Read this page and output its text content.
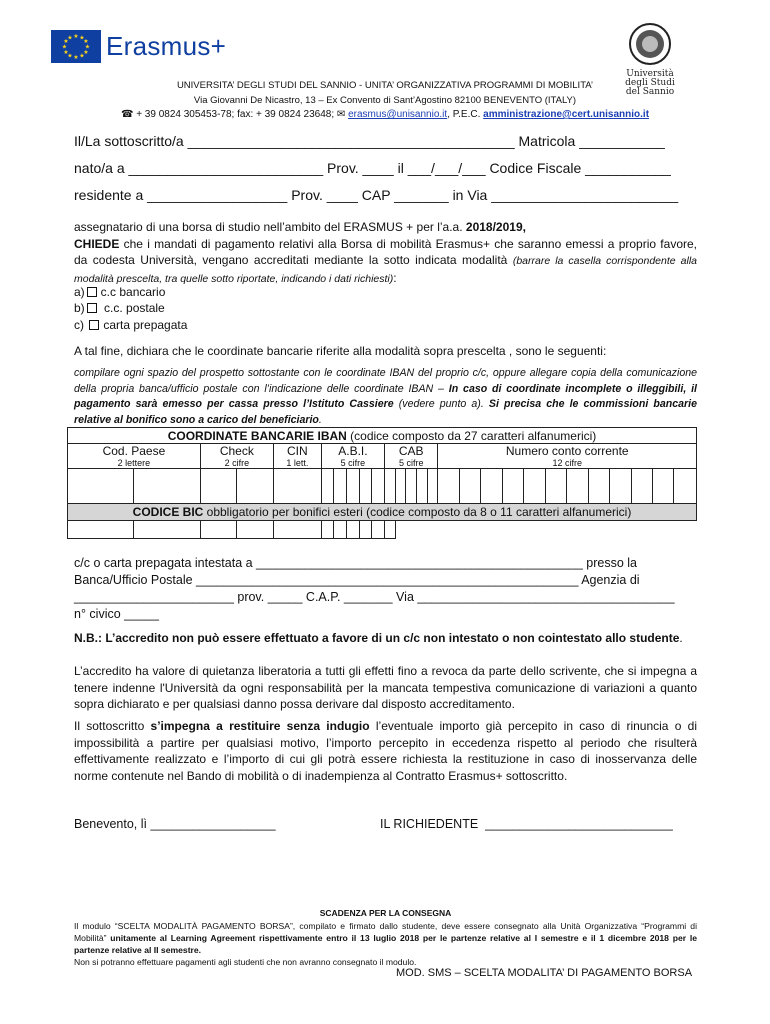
★ ★
★
★
★
★
★
★
★
★
★
★ Erasmus+
Università
degli Studi
del Sannio
UNIVERSITA’ DEGLI STUDI DEL SANNIO - UNITA’ ORGANIZZATIVA PROGRAMMI DI MOBILITA’
Via Giovanni De Nicastro, 13 – Ex Convento di Sant’Agostino 82100 BENEVENTO (ITALY)
☎ + 39 0824 305453-78; fax: + 39 0824 23648; ✉ erasmus@unisannio.it, P.E.C. amministrazione@cert.unisannio.it
Il/La sottoscritto/a __________________________________________ Matricola ___________
nato/a a _________________________ Prov. ____ il ___/___/___ Codice Fiscale ___________
residente a __________________ Prov. ____ CAP _______ in Via ________________________
assegnatario di una borsa di studio nell’ambito del ERASMUS + per l’a.a. 2018/2019,
CHIEDE che i mandati di pagamento relativi alla Borsa di mobilità Erasmus+ che saranno emessi a proprio favore, da codesta Università, vengano accreditati mediante la sotto indicata modalità (barrare la casella corrispondente alla modalità prescelta, tra quelle sotto riportate, indicando i dati richiesti):
a) c.c bancario
b) c.c. postale
c) carta prepagata
A tal fine, dichiara che le coordinate bancarie riferite alla modalità sopra prescelta , sono le seguenti:
compilare ogni spazio del prospetto sottostante con le coordinate IBAN del proprio c/c, oppure allegare copia della comunicazione della propria banca/ufficio postale con l’indicazione delle coordinate IBAN – In caso di coordinate incomplete o illeggibili, il pagamento sarà emesso per cassa presso l’Istituto Cassiere (vedere punto a). Si precisa che le commissioni bancarie relative al bonifico sono a carico del beneficiario.
COORDINATE BANCARIE IBAN (codice composto da 27 caratteri alfanumerici)																										
Cod. Paese		Check		CIN	A.B.I.					CAB					Numero conto corrente											
2 lettere		2 cifre		1 lett.	5 cifre					5 cifre					12 cifre											

CODICE BIC obbligatorio per bonifici esteri (codice composto da 8 o 11 caratteri alfanumerici)																										

c/c o carta prepagata intestata a _______________________________________________ presso la
Banca/Ufficio Postale _______________________________________________________ Agenzia di
_______________________ prov. _____ C.A.P. _______ Via _____________________________________
n° civico _____
N.B.: L’accredito non può essere effettuato a favore di un c/c non intestato o non cointestato allo studente.
L’accredito ha valore di quietanza liberatoria a tutti gli effetti fino a revoca da parte dello scrivente, che si impegna a tenere indenne l'Università da ogni responsabilità per la mancata tempestiva comunicazione di variazioni a quanto sopra dichiarato e per qualsiasi danno possa derivare dal disposto accreditamento.
Il sottoscritto s’impegna a restituire senza indugio l’eventuale importo già percepito in caso di rinuncia o di impossibilità a partire per qualsiasi motivo, l’importo percepito in eccedenza rispetto al periodo che risulterà effettivamente realizzato e l’importo di cui gli potrà essere richiesta la restituzione in caso di inosservanza delle norme contenute nel Bando di mobilità o di inadempienza al Contratto Erasmus+ sottoscritto.
Benevento, lì __________________	IL RICHIEDENTE  ___________________________
SCADENZA PER LA CONSEGNA
Il modulo “SCELTA MODALITÀ PAGAMENTO BORSA”, compilato e firmato dallo studente, deve essere consegnato alla Unità Organizzativa “Programmi di Mobilità” unitamente al Learning Agreement rispettivamente entro il 13 luglio 2018 per le partenze relative al I semestre e il 1 dicembre 2018 per le partenze relative al II semestre.
Non si potranno effettuare pagamenti agli studenti che non avranno consegnato il modulo.
MOD. SMS – SCELTA MODALITA’ DI PAGAMENTO BORSA
